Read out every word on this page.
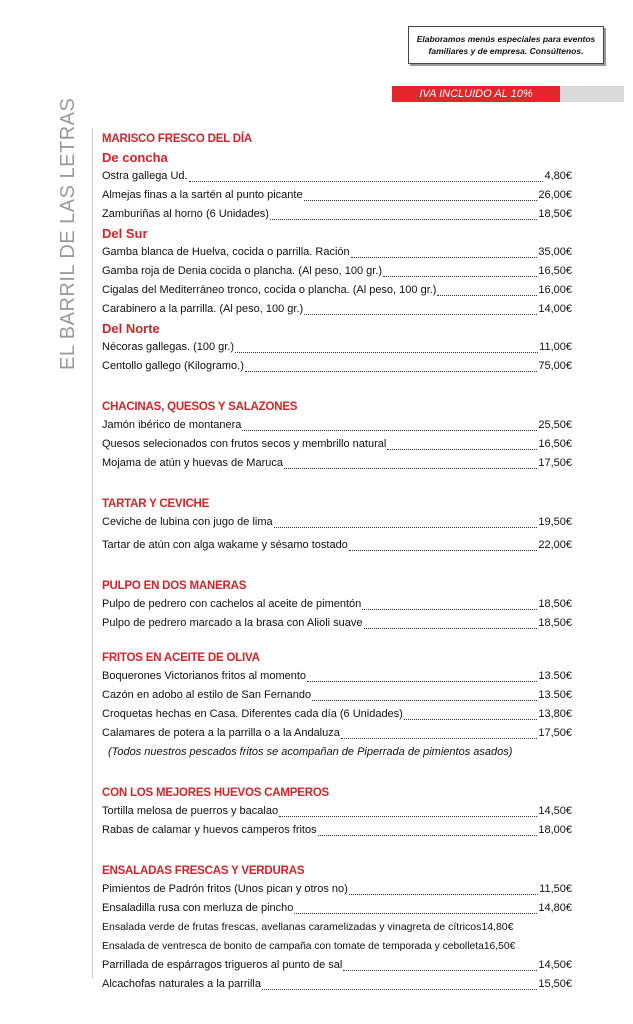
Elaboramos menús especiales para eventos
familiares y de empresa. Consúltenos.
IVA INCLUIDO AL 10%
EL BARRIL DE LAS LETRAS MARISCO FRESCO DEL DÍA
De concha
Ostra gallega Ud.	4,80€
Almejas finas a la sartén al punto picante	26,00€
Zamburiñas al horno (6 Unidades)	18,50€
Del Sur
Gamba blanca de Huelva, cocida o parrilla. Ración	35,00€
Gamba roja de Denia cocida o plancha. (Al peso, 100 gr.)	16,50€
Cigalas del Mediterráneo tronco, cocida o plancha. (Al peso, 100 gr.)	16,00€
Carabinero a la parrilla. (Al peso, 100 gr.)	14,00€
Del Norte
Nécoras gallegas. (100 gr.)	11,00€
Centollo gallego (Kilogramo.)	75,00€
CHACINAS, QUESOS Y SALAZONES
Jamón ibérico de montanera	25,50€
Quesos selecionados con frutos secos y membrillo natural	16,50€
Mojama de atún y huevas de Maruca	17,50€
TARTAR Y CEVICHE
Ceviche de lubina con jugo de lima	19,50€
Tartar de atún con alga wakame y sésamo tostado	22,00€
PULPO EN DOS MANERAS
Pulpo de pedrero con cachelos al aceite de pimentón	18,50€
Pulpo de pedrero marcado a la brasa con Alioli suave	18,50€
FRITOS EN ACEITE DE OLIVA
Boquerones Victorianos fritos al momento	13.50€
Cazón en adobo al estilo de San Fernando	13.50€
Croquetas hechas en Casa. Diferentes cada día (6 Unidades)	13,80€
Calamares de potera a la parrilla o a la Andaluza	17,50€
(Todos nuestros pescados fritos se acompañan de Piperrada de pimientos asados)
CON LOS MEJORES HUEVOS CAMPEROS
Tortilla melosa de puerros y bacalao	14,50€
Rabas de calamar y huevos camperos fritos	18,00€
ENSALADAS FRESCAS Y VERDURAS
Pimientos de Padrón fritos (Unos pican y otros no)	11,50€
Ensaladilla rusa con merluza de pincho	14,80€
Ensalada verde de frutas frescas, avellanas caramelizadas y vinagreta de cítricos 14,80€
Ensalada de ventresca de bonito de campaña con tomate de temporada y cebolleta 16,50€
Parrillada de espárragos trigueros al punto de sal	14,50€
Alcachofas naturales a la parrilla	15,50€
